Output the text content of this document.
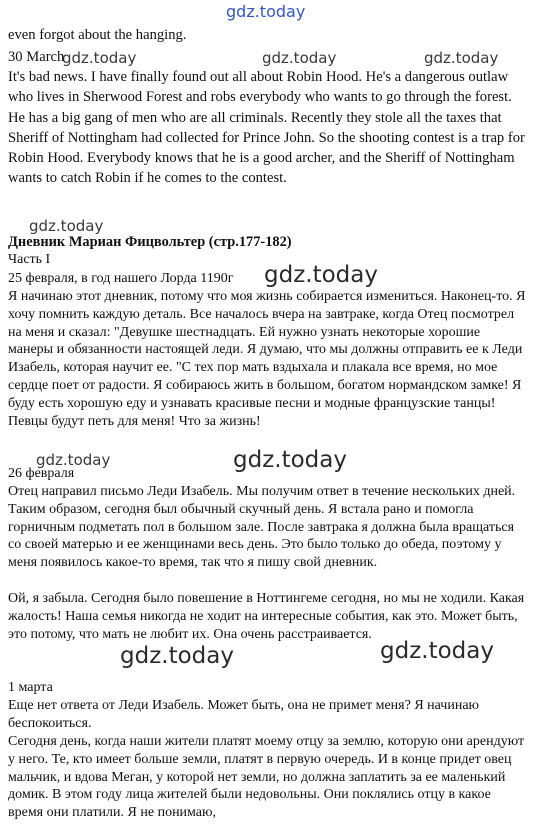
gdz.today
gdz.today	gdz.today	gdz.today
gdz.today
gdz.today
gdz.today	gdz.today
gdz.today	gdz.today

even forgot about the hanging.

30 March

It's bad news. I have finally found out all about Robin Hood. He's a dangerous outlaw who lives in Sherwood Forest and robs everybody who wants to go through the forest. He has a big gang of men who are all criminals. Recently they stole all the taxes that Sheriff of Nottingham had collected for Prince John. So the shooting contest is a trap for Robin Hood. Everybody knows that he is a good archer, and the Sheriff of Nottingham wants to catch Robin if he comes to the contest.

Дневник Мариан Фицвольтер (стр.177-182)

Часть I

25 февраля, в год нашего Лорда 1190г

Я начинаю этот дневник, потому что моя жизнь собирается измениться. Наконец-то. Я хочу помнить каждую деталь. Все началось вчера на завтраке, когда Отец посмотрел на меня и сказал: "Девушке шестнадцать. Ей нужно узнать некоторые хорошие манеры и обязанности настоящей леди. Я думаю, что мы должны отправить ее к Леди Изабель, которая научит ее. "С тех пор мать вздыхала и плакала все время, но мое сердце поет от радости. Я собираюсь жить в большом, богатом нормандском замке! Я буду есть хорошую еду и узнавать красивые песни и модные французские танцы! Певцы будут петь для меня! Что за жизнь!

26 февраля

Отец направил письмо Леди Изабель. Мы получим ответ в течение нескольких дней. Таким образом, сегодня был обычный скучный день. Я встала рано и помогла горничным подметать пол в большом зале. После завтрака я должна была вращаться со своей матерью и ее женщинами весь день. Это было только до обеда, поэтому у меня появилось какое-то время, так что я пишу свой дневник.

Ой, я забыла. Сегодня было повешение в Ноттингеме сегодня, но мы не ходили. Какая жалость! Наша семья никогда не ходит на интересные события, как это. Может быть, это потому, что мать не любит их. Она очень расстраивается.

1 марта

Еще нет ответа от Леди Изабель. Может быть, она не примет меня? Я начинаю беспокоиться.

Сегодня день, когда наши жители платят моему отцу за землю, которую они арендуют у него. Те, кто имеет больше земли, платят в первую очередь. И в конце придет овец мальчик, и вдова Меган, у которой нет земли, но должна заплатить за ее маленький домик. В этом году лица жителей были недовольны. Они поклялись отцу в какое время они платили. Я не понимаю,
